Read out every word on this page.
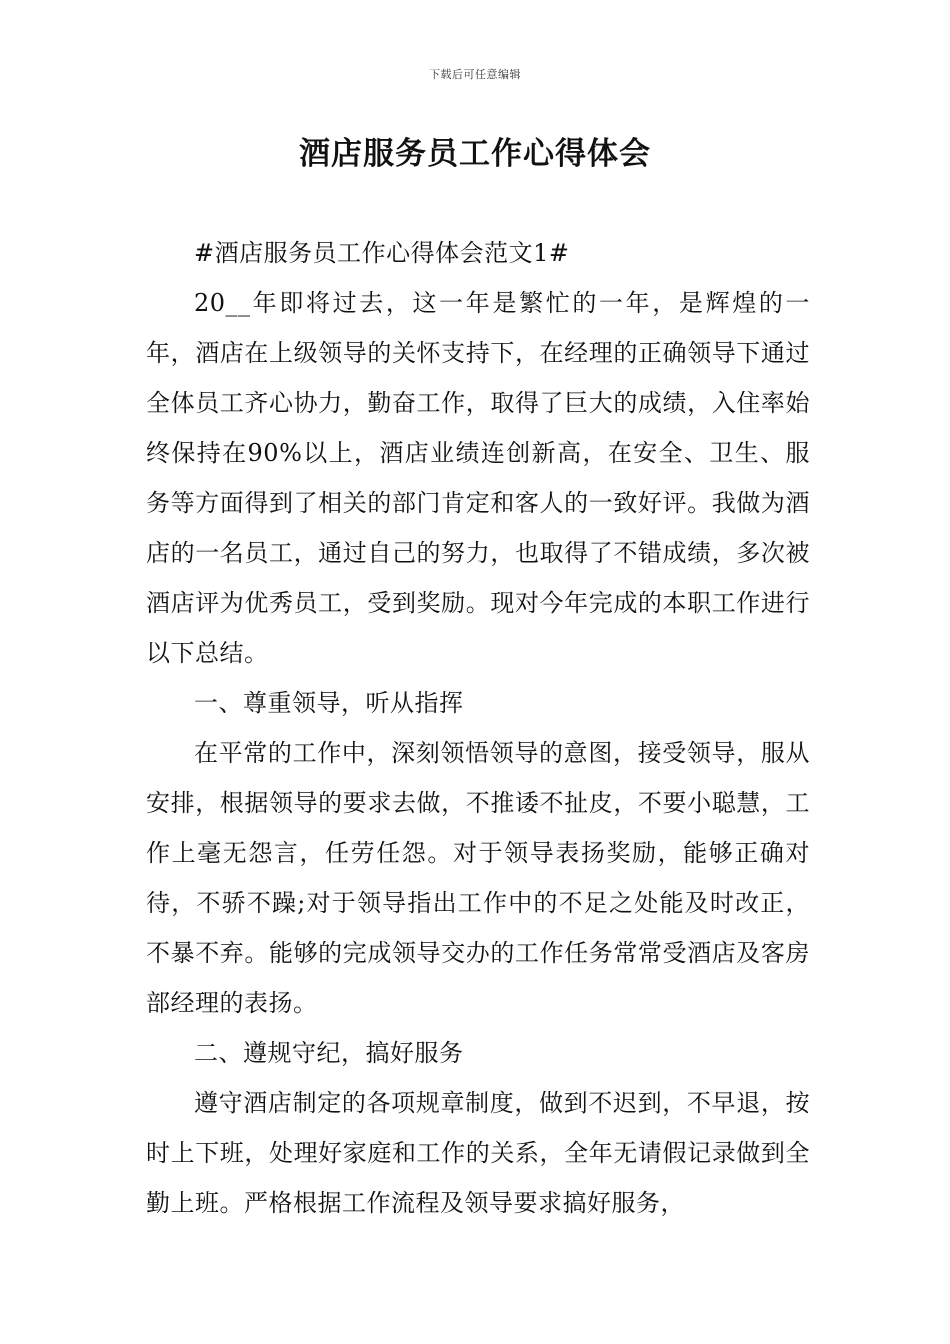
下载后可任意编辑
酒店服务员工作心得体会

#酒店服务员工作心得体会范文1#

20__年即将过去，这一年是繁忙的一年，是辉煌的一年，酒店在上级领导的关怀支持下，在经理的正确领导下通过全体员工齐心协力，勤奋工作，取得了巨大的成绩，入住率始终保持在90%以上，酒店业绩连创新高，在安全、卫生、服务等方面得到了相关的部门肯定和客人的一致好评。我做为酒店的一名员工，通过自己的努力，也取得了不错成绩，多次被酒店评为优秀员工，受到奖励。现对今年完成的本职工作进行以下总结。

一、尊重领导，听从指挥

在平常的工作中，深刻领悟领导的意图，接受领导，服从安排，根据领导的要求去做，不推诿不扯皮，不要小聪慧，工作上毫无怨言，任劳任怨。对于领导表扬奖励，能够正确对待，不骄不躁;对于领导指出工作中的不足之处能及时改正，不暴不弃。能够的完成领导交办的工作任务常常受酒店及客房部经理的表扬。

二、遵规守纪，搞好服务

遵守酒店制定的各项规章制度，做到不迟到，不早退，按时上下班，处理好家庭和工作的关系，全年无请假记录做到全勤上班。严格根据工作流程及领导要求搞好服务，
